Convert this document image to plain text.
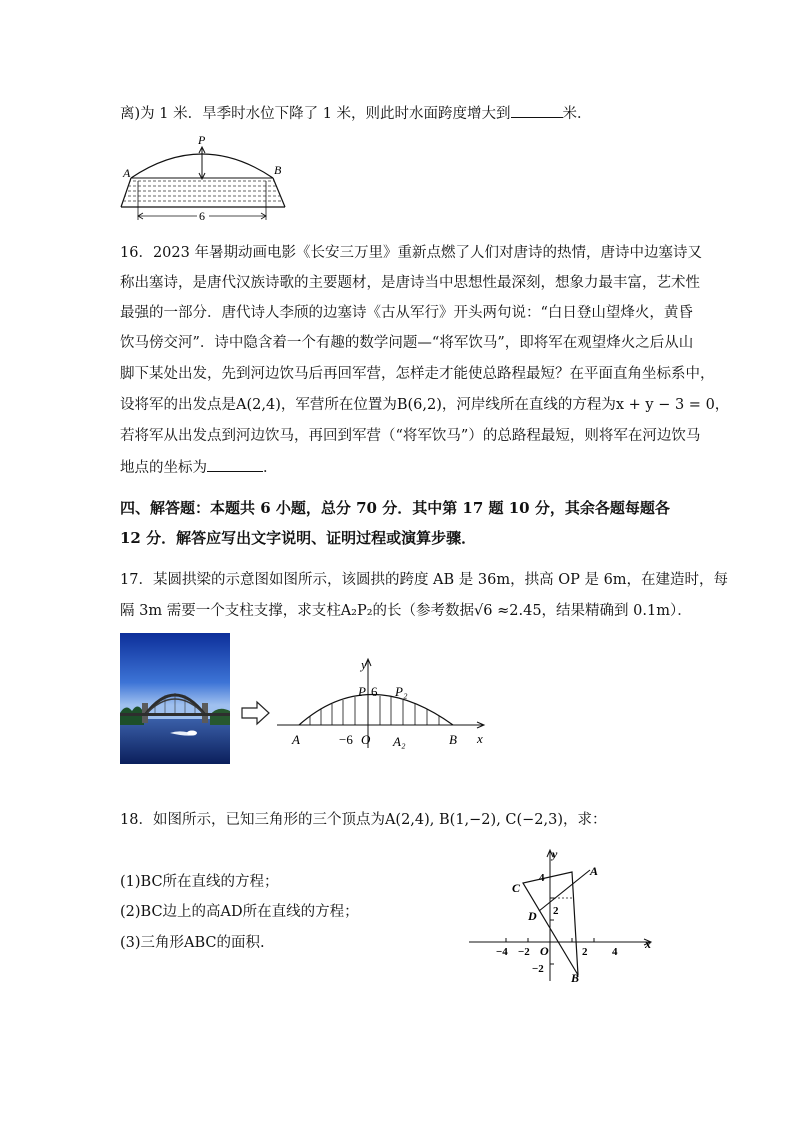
离)为 1 米．旱季时水位下降了 1 米，则此时水面跨度增大到	米．
P
A	B
6
16．2023 年暑期动画电影《长安三万里》重新点燃了人们对唐诗的热情，唐诗中边塞诗又
称出塞诗，是唐代汉族诗歌的主要题材，是唐诗当中思想性最深刻，想象力最丰富，艺术性
最强的一部分．唐代诗人李颀的边塞诗《古从军行》开头两句说：“白日登山望烽火，黄昏
饮马傍交河”．诗中隐含着一个有趣的数学问题—“将军饮马”，即将军在观望烽火之后从山
脚下某处出发，先到河边饮马后再回军营，怎样走才能使总路程最短？在平面直角坐标系中，
设将军的出发点是A(2,4)，军营所在位置为B(6,2)，河岸线所在直线的方程为x + y − 3 = 0，
若将军从出发点到河边饮马，再回到军营（“将军饮马”）的总路程最短，则将军在河边饮马
地点的坐标为	．
四、解答题：本题共 6 小题，总分 70 分．其中第 17 题 10 分，其余各题每题各
12 分．解答应写出文字说明、证明过程或演算步骤．
17．某圆拱梁的示意图如图所示，该圆拱的跨度 AB 是 36m，拱高 OP 是 6m，在建造时，每
隔 3m 需要一个支柱支撑，求支柱A₂P₂的长（参考数据√6 ≈2.45，结果精确到 0.1m）．
y
x
P 6 P₂
A	−6 O A₂	B
18．如图所示，已知三角形的三个顶点为A(2,4), B(1,−2), C(−2,3)，求：
(1)BC所在直线的方程；
(2)BC边上的高AD所在直线的方程；
(3)三角形ABC的面积.
y
x
A
B
C
D
O
−4 −2	2 4
4
2
−2
